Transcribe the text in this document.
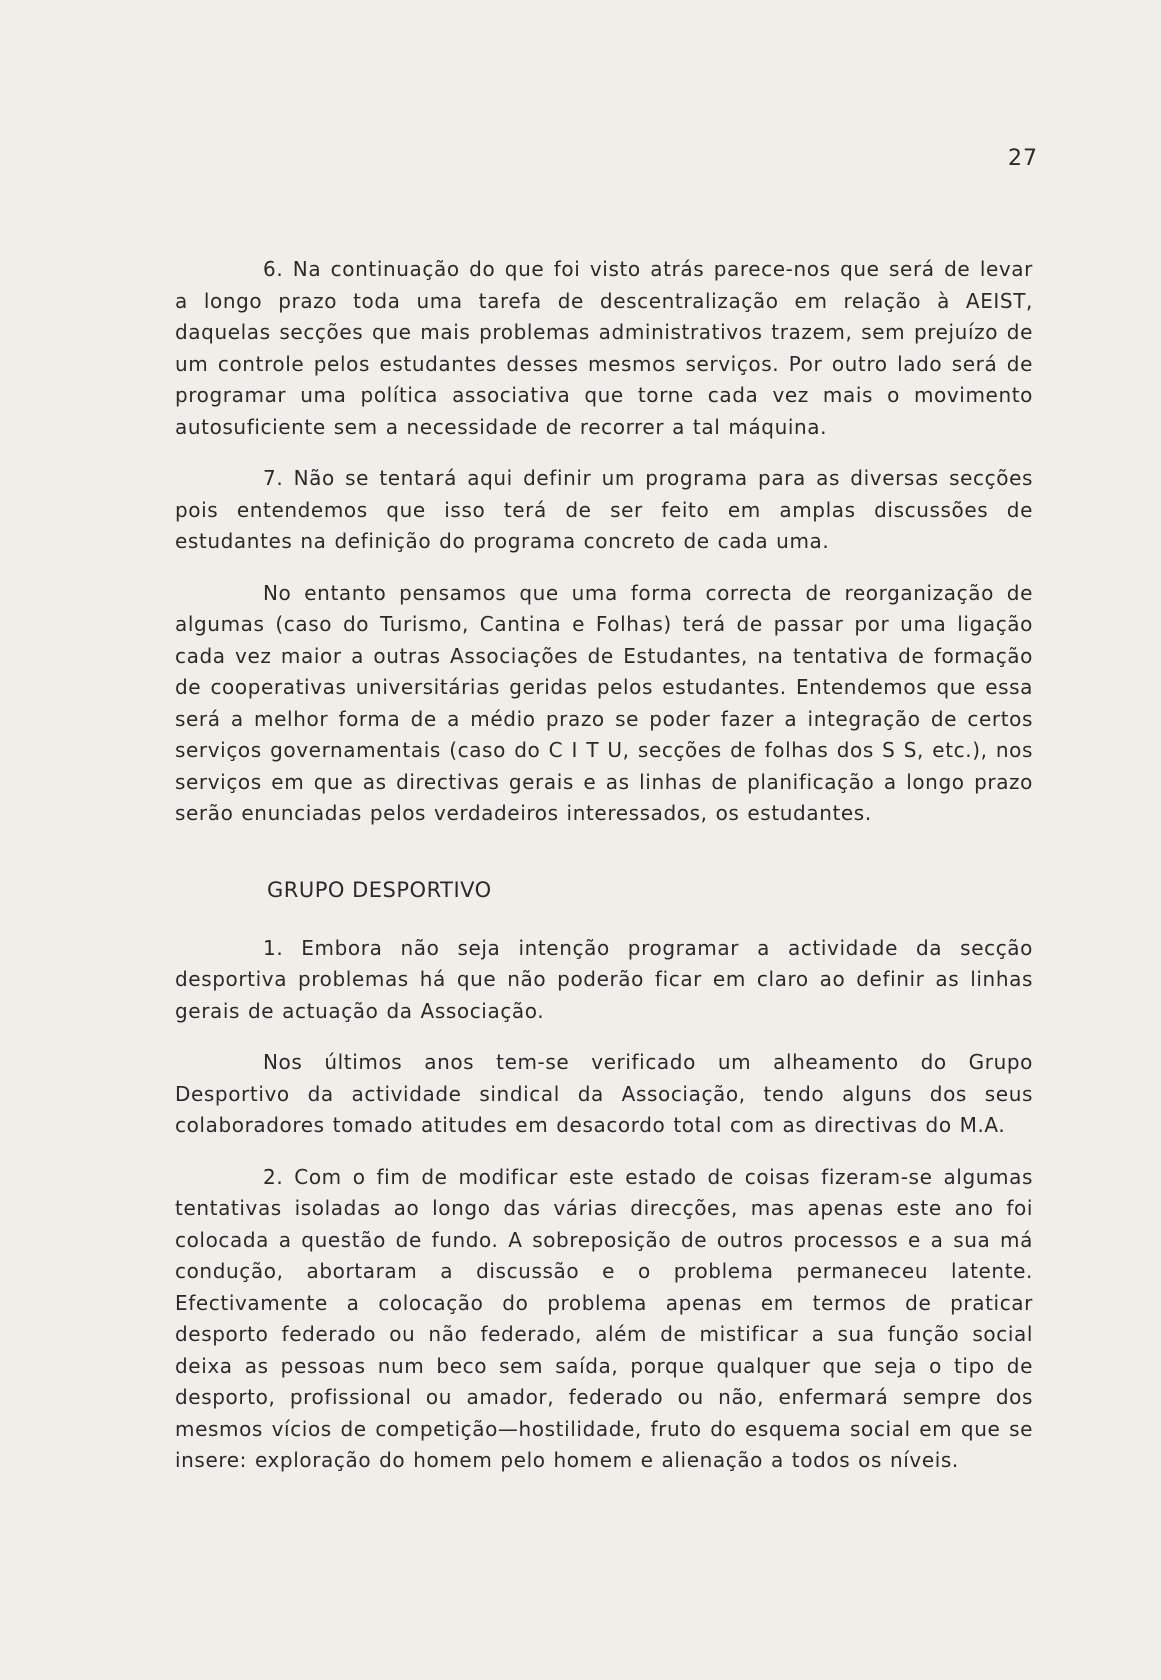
27

6. Na continuação do que foi visto atrás parece-nos que será de levar a longo prazo toda uma tarefa de descentralização em relação à AEIST, daquelas secções que mais problemas administrativos trazem, sem prejuízo de um controle pelos estudantes desses mesmos serviços. Por outro lado será de programar uma política associativa que torne cada vez mais o movimento autosuficiente sem a necessidade de recorrer a tal máquina.

7. Não se tentará aqui definir um programa para as diversas secções pois entendemos que isso terá de ser feito em amplas discussões de estudantes na definição do programa concreto de cada uma.

No entanto pensamos que uma forma correcta de reorganização de algumas (caso do Turismo, Cantina e Folhas) terá de passar por uma ligação cada vez maior a outras Associações de Estudantes, na tentativa de formação de cooperativas universitárias geridas pelos estudantes. Entendemos que essa será a melhor forma de a médio prazo se poder fazer a integração de certos serviços governamentais (caso do C I T U, secções de folhas dos S S, etc.), nos serviços em que as directivas gerais e as linhas de planificação a longo prazo serão enunciadas pelos verdadeiros interessados, os estudantes.

GRUPO DESPORTIVO

1. Embora não seja intenção programar a actividade da secção desportiva problemas há que não poderão ficar em claro ao definir as linhas gerais de actuação da Associação.

Nos últimos anos tem-se verificado um alheamento do Grupo Desportivo da actividade sindical da Associação, tendo alguns dos seus colaboradores tomado atitudes em desacordo total com as directivas do M.A.

2. Com o fim de modificar este estado de coisas fizeram-se algumas tentativas isoladas ao longo das várias direcções, mas apenas este ano foi colocada a questão de fundo. A sobreposição de outros processos e a sua má condução, abortaram a discussão e o problema permaneceu latente. Efectivamente a colocação do problema apenas em termos de praticar desporto federado ou não federado, além de mistificar a sua função social deixa as pessoas num beco sem saída, porque qualquer que seja o tipo de desporto, profissional ou amador, federado ou não, enfermará sempre dos mesmos vícios de competição—hostilidade, fruto do esquema social em que se insere: exploração do homem pelo homem e alienação a todos os níveis.
